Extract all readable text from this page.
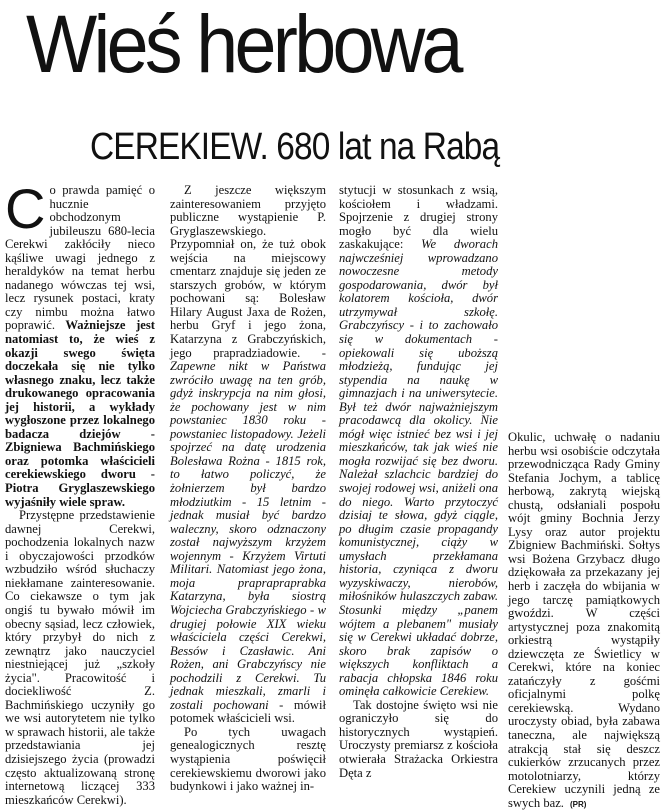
Wieś herbowa
CEREKIEW. 680 lat na Rabą

Co prawda pamięć o hucznie obchodzonym jubileuszu 680-lecia Cerekwi zakłóciły nieco kąśliwe uwagi jednego z heraldyków na temat herbu nadanego wówczas tej wsi, lecz rysunek postaci, kraty czy nimbu można łatwo poprawić. Ważniejsze jest natomiast to, że wieś z okazji swego święta doczekała się nie tylko własnego znaku, lecz także drukowanego opracowania jej historii, a wykłady wygłoszone przez lokalnego badacza dziejów - Zbigniewa Bachmińskiego oraz potomka właścicieli cerekiewskiego dworu - Piotra Gryglaszewskiego wyjaśniły wiele spraw.

Przystępne przedstawienie dawnej Cerekwi, pochodzenia lokalnych nazw i obyczajowości przodków wzbudziło wśród słuchaczy niekłamane zainteresowanie. Co ciekawsze o tym jak ongiś tu bywało mówił im obecny sąsiad, lecz człowiek, który przybył do nich z zewnątrz jako nauczyciel niestniejącej już „szkoły życia". Pracowitość i dociekliwość Z. Bachmińskiego uczyniły go we wsi autorytetem nie tylko w sprawach historii, ale także przedstawiania jej dzisiejszego życia (prowadzi często aktualizowaną stronę internetową liczącej 333 mieszkańców Cerekwi).

Z jeszcze większym zainteresowaniem przyjęto publiczne wystąpienie P. Gryglaszewskiego. Przypomniał on, że tuż obok wejścia na miejscowy cmentarz znajduje się jeden ze starszych grobów, w którym pochowani są: Bolesław Hilary August Jaxa de Rożen, herbu Gryf i jego żona, Katarzyna z Grabczyńskich, jego prapradziadowie. - Zapewne nikt w Państwa zwróciło uwagę na ten grób, gdyż inskrypcja na nim głosi, że pochowany jest w nim powstaniec 1830 roku - powstaniec listopadowy. Jeżeli spojrzeć na datę urodzenia Bolesława Rożna - 1815 rok, to łatwo policzyć, że żołnierzem był bardzo młodziutkim - 15 letnim - jednak musiał być bardzo waleczny, skoro odznaczony został najwyższym krzyżem wojennym - Krzyżem Virtuti Militari. Natomiast jego żona, moja praprapraprabka Katarzyna, była siostrą Wojciecha Grabczyńskiego - w drugiej połowie XIX wieku właściciela części Cerekwi, Bessów i Czasławic. Ani Rożen, ani Grabczyńscy nie pochodzili z Cerekwi. Tu jednak mieszkali, zmarli i zostali pochowani - mówił potomek właścicieli wsi.

Po tych uwagach genealogicznych resztę wystąpienia poświęcił cerekiewskiemu dworowi jako budynkowi i jako ważnej in-

stytucji w stosunkach z wsią, kościołem i władzami. Spojrzenie z drugiej strony mogło być dla wielu zaskakujące: We dworach najwcześniej wprowadzano nowoczesne metody gospodarowania, dwór był kolatorem kościoła, dwór utrzymywał szkołę. Grabczyńscy - i to zachowało się w dokumentach - opiekowali się uboższą młodzieżą, fundując jej stypendia na naukę w gimnazjach i na uniwersytecie. Był też dwór najważniejszym pracodawcą dla okolicy. Nie mógł więc istnieć bez wsi i jej mieszkańców, tak jak wieś nie mogła rozwijać się bez dworu. Należał szlachcic bardziej do swojej rodowej wsi, aniżeli ona do niego. Warto przytoczyć dzisiaj te słowa, gdyż ciągle, po długim czasie propagandy komunistycznej, ciąży w umysłach przekłamana historia, czyniąca z dworu wyzyskiwaczy, nierobów, miłośników hulaszczych zabaw. Stosunki między „panem wójtem a plebanem" musiały się w Cerekwi układać dobrze, skoro brak zapisów o większych konfliktach a rabacja chłopska 1846 roku ominęła całkowicie Cerekiew.

Tak dostojne święto wsi nie ograniczyło się do historycznych wystąpień. Uroczysty premiarsz z kościoła otwierała Strażacka Orkiestra Dęta z

Okulic, uchwałę o nadaniu herbu wsi osobiście odczytała przewodnicząca Rady Gminy Stefania Jochym, a tablicę herbową, zakrytą wiejską chustą, odsłaniali pospołu wójt gminy Bochnia Jerzy Lysy oraz autor projektu Zbigniew Bachmiński. Sołtys wsi Bożena Grzybacz długo dziękowała za przekazany jej herb i zaczęła do wbijania w jego tarczę pamiątkowych gwoździ. W części artystycznej poza znakomitą orkiestrą wystąpiły dziewczęta ze Świetlicy w Cerekwi, które na koniec zatańczyły z gośćmi oficjalnymi polkę cerekiewską. Wydano uroczysty obiad, była zabawa taneczna, ale największą atrakcją stał się deszcz cukierków zrzucanych przez motolotniarzy, którzy Cerekiew uczynili jedną ze swych baz. (PR)
